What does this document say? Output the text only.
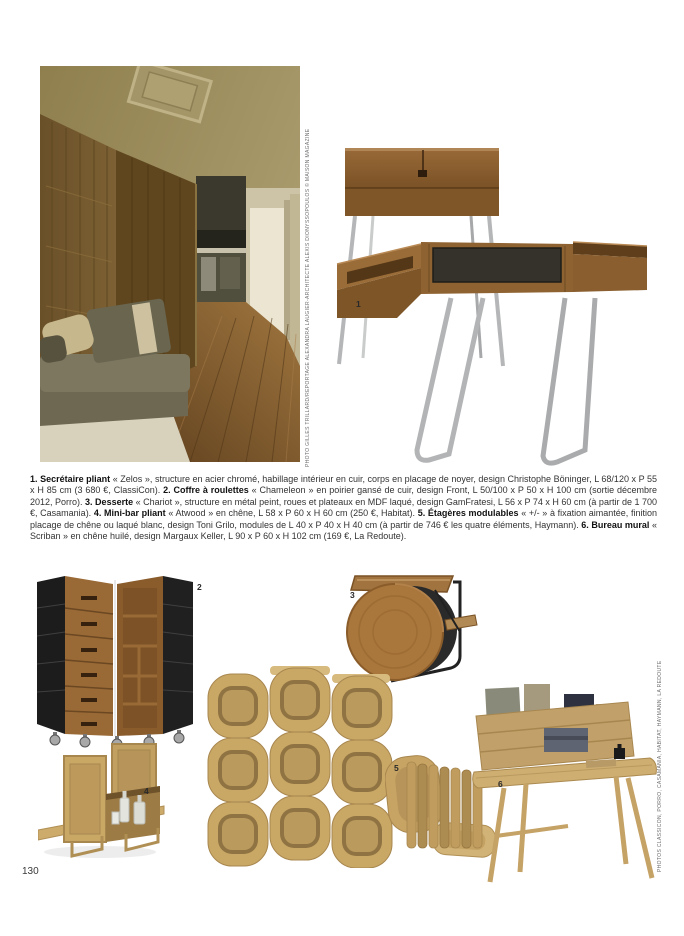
PHOTO GILLES TRILLARD/REPORTAGE ALEXANDRA LAUGIER-ARCHITECTE ALEXIS DIONYSSOPOULOS © MAISON MAGAZINE	1

1. Secrétaire pliant « Zelos », structure en acier chromé, habillage intérieur en cuir, corps en placage de noyer, design Christophe Böninger, L 68/120 x P 55 x H 85 cm (3 680 €, ClassiCon). 2. Coffre à roulettes « Chameleon » en poirier gansé de cuir, design Front, L 50/100 x P 50 x H 100 cm (sortie décembre 2012, Porro). 3. Desserte « Chariot », structure en métal peint, roues et plateaux en MDF laqué, design GamFratesi, L 56 x P 74 x H 60 cm (à partir de 1 700 €, Casamania). 4. Mini-bar pliant « Atwood » en chêne, L 58 x P 60 x H 60 cm (250 €, Habitat). 5. Étagères modulables « +/- » à fixation aimantée, finition placage de chêne ou laqué blanc, design Toni Grilo, modules de L 40 x P 40 x H 40 cm (à partir de 746 € les quatre éléments, Haymann). 6. Bureau mural « Scriban » en chêne huilé, design Margaux Keller, L 90 x P 60 x H 102 cm (169 €, La Redoute).

2
3
4
5
6	PHOTOS CLASSICON, PORRO, CASAMANIA, HABITAT, HAYMANN, LA REDOUTE
130
